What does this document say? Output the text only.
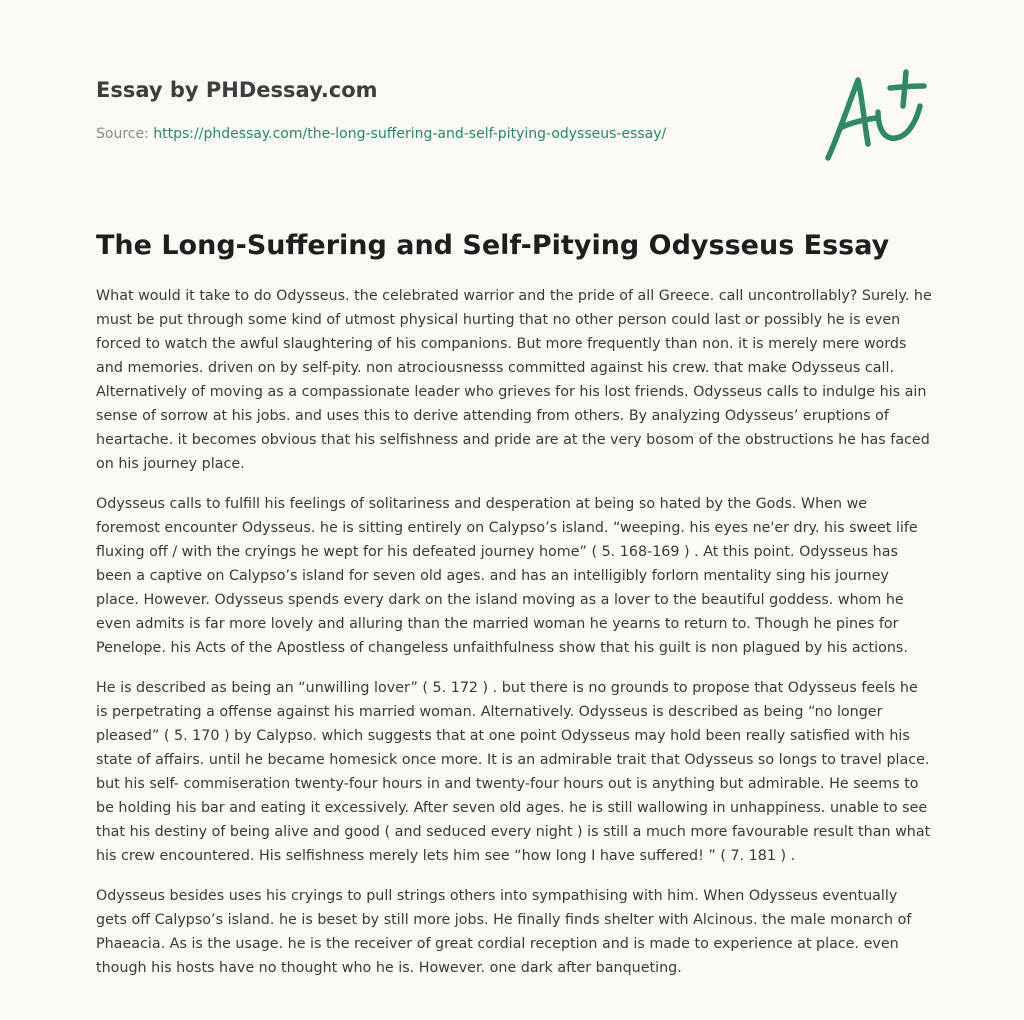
Essay by PHDessay.com
Source: https://phdessay.com/the-long-suffering-and-self-pitying-odysseus-essay/
The Long-Suffering and Self-Pitying Odysseus Essay

What would it take to do Odysseus. the celebrated warrior and the pride of all Greece. call uncontrollably? Surely. he must be put through some kind of utmost physical hurting that no other person could last or possibly he is even forced to watch the awful slaughtering of his companions. But more frequently than non. it is merely mere words and memories. driven on by self-pity. non atrociousnesss committed against his crew. that make Odysseus call. Alternatively of moving as a compassionate leader who grieves for his lost friends. Odysseus calls to indulge his ain sense of sorrow at his jobs. and uses this to derive attending from others. By analyzing Odysseus’ eruptions of heartache. it becomes obvious that his selfishness and pride are at the very bosom of the obstructions he has faced on his journey place.

Odysseus calls to fulfill his feelings of solitariness and desperation at being so hated by the Gods. When we foremost encounter Odysseus. he is sitting entirely on Calypso’s island. “weeping. his eyes ne'er dry. his sweet life fluxing off / with the cryings he wept for his defeated journey home” ( 5. 168-169 ) . At this point. Odysseus has been a captive on Calypso’s island for seven old ages. and has an intelligibly forlorn mentality sing his journey place. However. Odysseus spends every dark on the island moving as a lover to the beautiful goddess. whom he even admits is far more lovely and alluring than the married woman he yearns to return to. Though he pines for Penelope. his Acts of the Apostless of changeless unfaithfulness show that his guilt is non plagued by his actions.

He is described as being an “unwilling lover” ( 5. 172 ) . but there is no grounds to propose that Odysseus feels he is perpetrating a offense against his married woman. Alternatively. Odysseus is described as being “no longer pleased” ( 5. 170 ) by Calypso. which suggests that at one point Odysseus may hold been really satisfied with his state of affairs. until he became homesick once more. It is an admirable trait that Odysseus so longs to travel place. but his self- commiseration twenty-four hours in and twenty-four hours out is anything but admirable. He seems to be holding his bar and eating it excessively. After seven old ages. he is still wallowing in unhappiness. unable to see that his destiny of being alive and good ( and seduced every night ) is still a much more favourable result than what his crew encountered. His selfishness merely lets him see “how long I have suffered! ” ( 7. 181 ) .

Odysseus besides uses his cryings to pull strings others into sympathising with him. When Odysseus eventually gets off Calypso’s island. he is beset by still more jobs. He finally finds shelter with Alcinous. the male monarch of Phaeacia. As is the usage. he is the receiver of great cordial reception and is made to experience at place. even though his hosts have no thought who he is. However. one dark after banqueting.
